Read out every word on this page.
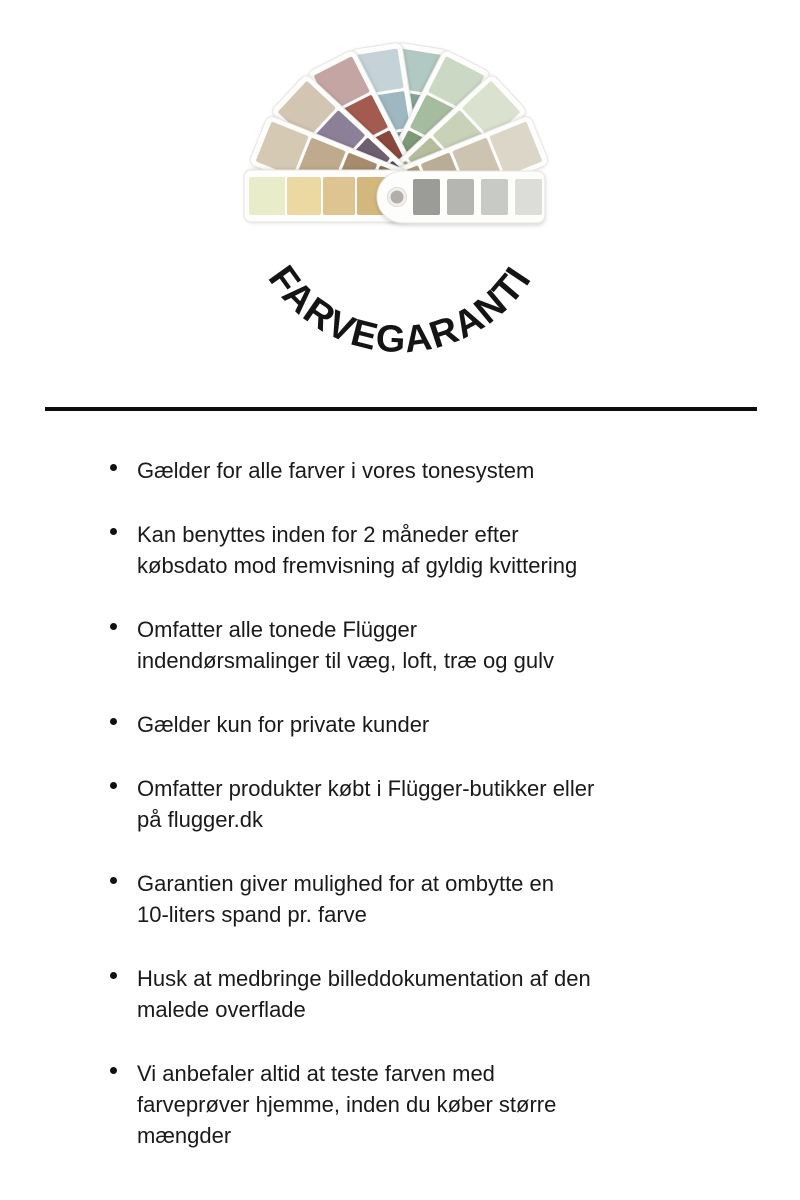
FARVEGARANTI
Gælder for alle farver i vores tonesystem
Kan benyttes inden for 2 måneder efter
købsdato mod fremvisning af gyldig kvittering
Omfatter alle tonede Flügger
indendørsmalinger til væg, loft, træ og gulv
Gælder kun for private kunder
Omfatter produkter købt i Flügger-butikker eller
på flugger.dk
Garantien giver mulighed for at ombytte en
10-liters spand pr. farve
Husk at medbringe billeddokumentation af den
malede overflade
Vi anbefaler altid at teste farven med
farveprøver hjemme, inden du køber større
mængder
